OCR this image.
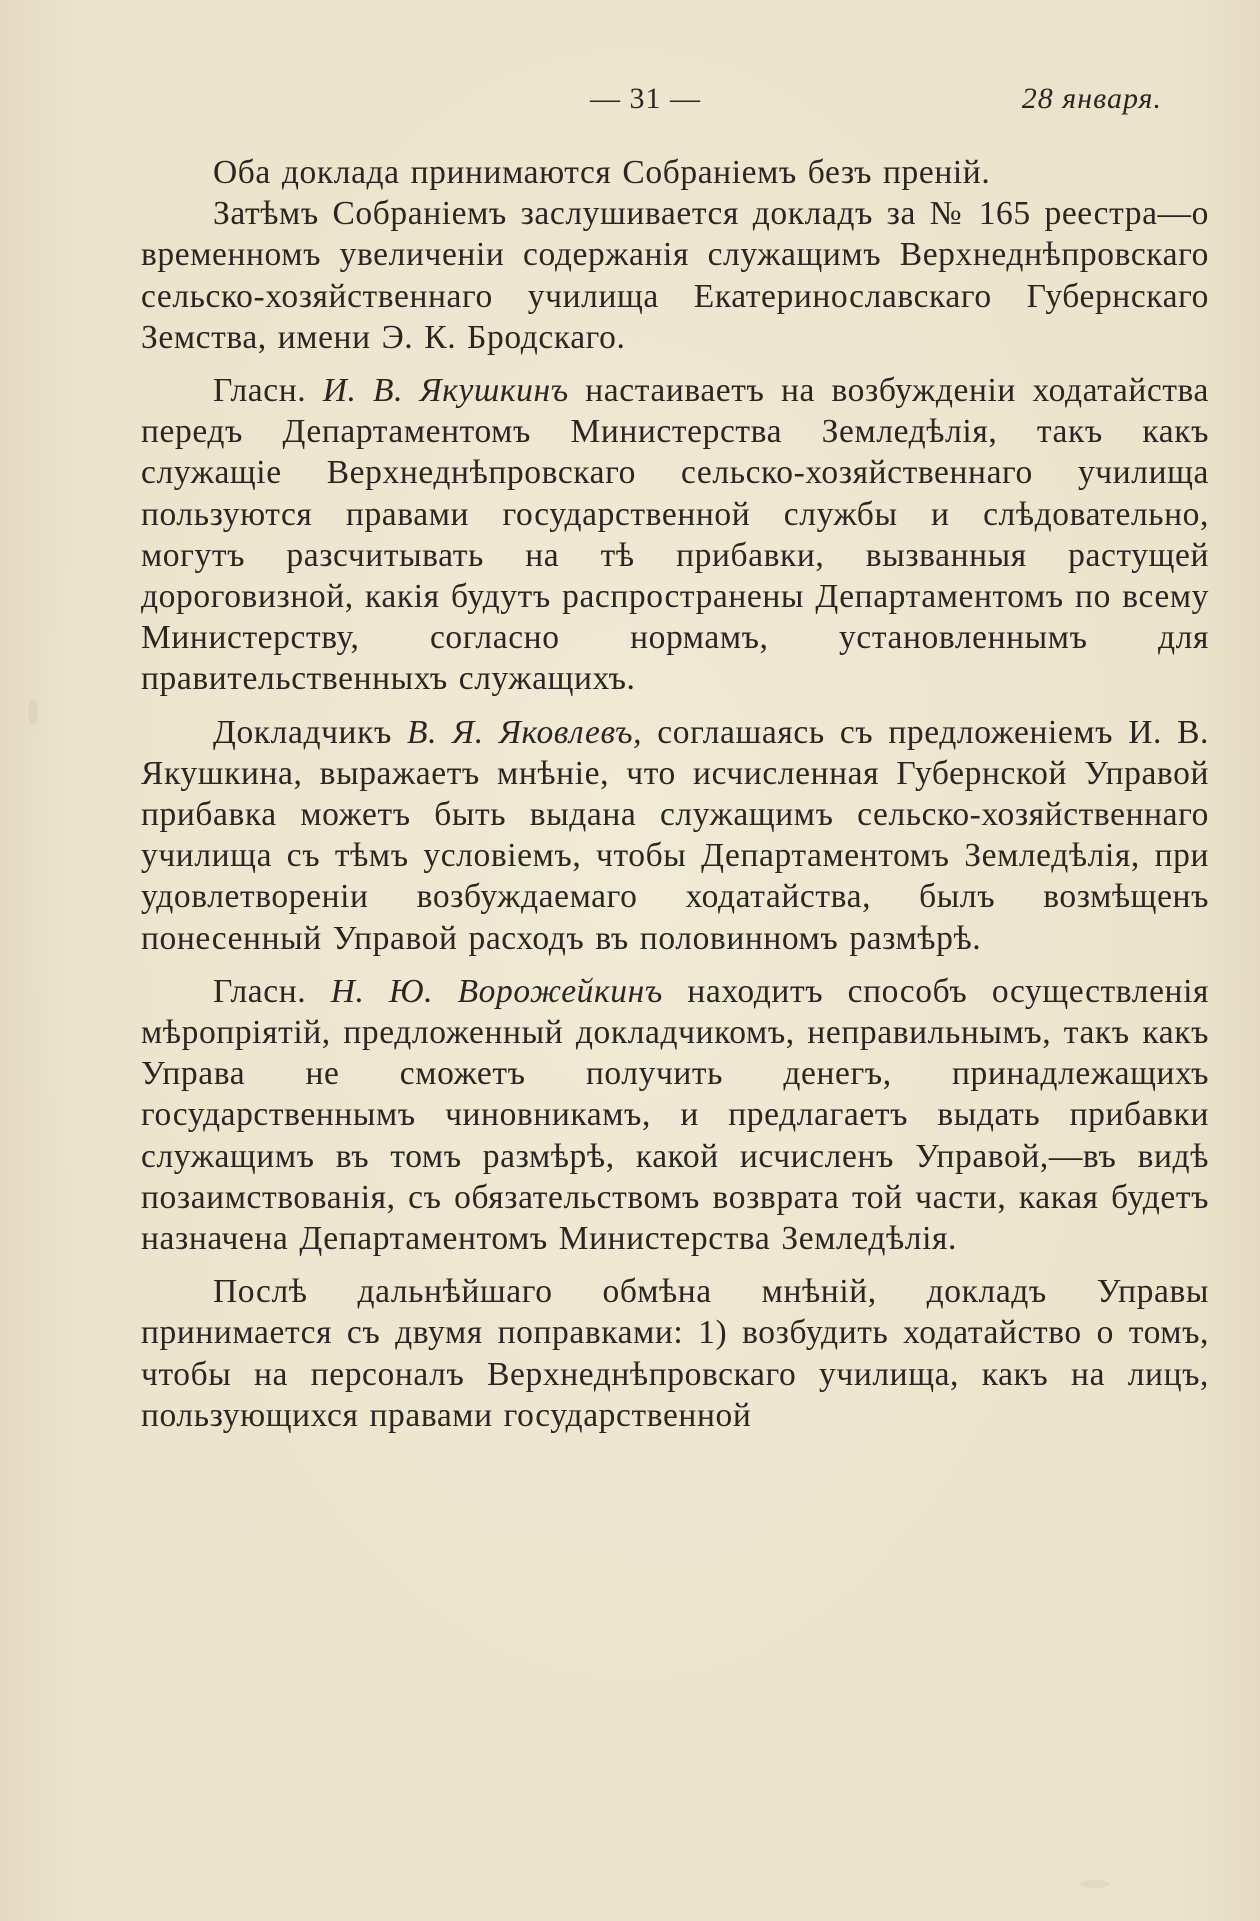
— 31 —	28 января.

Оба доклада принимаются Собраніемъ безъ преній.

Затѣмъ Собраніемъ заслушивается докладъ за № 165 реестра—о временномъ увеличеніи содержанія служащимъ Верхнеднѣпровскаго сельско-хозяйственнаго училища Екатеринославскаго Губернскаго Земства, имени Э. К. Бродскаго.

Гласн. И. В. Якушкинъ настаиваетъ на возбужденіи ходатайства передъ Департаментомъ Министерства Земледѣлія, такъ какъ служащіе Верхнеднѣпровскаго сельско-хозяйственнаго училища пользуются правами государственной службы и слѣдовательно, могутъ разсчитывать на тѣ прибавки, вызванныя растущей дороговизной, какія будутъ распространены Департаментомъ по всему Министерству, согласно нормамъ, установленнымъ для правительственныхъ служащихъ.

Докладчикъ В. Я. Яковлевъ, соглашаясь съ предложеніемъ И. В. Якушкина, выражаетъ мнѣніе, что исчисленная Губернской Управой прибавка можетъ быть выдана служащимъ сельско-хозяйственнаго училища съ тѣмъ условіемъ, чтобы Департаментомъ Земледѣлія, при удовлетвореніи возбуждаемаго ходатайства, былъ возмѣщенъ понесенный Управой расходъ въ половинномъ размѣрѣ.

Гласн. Н. Ю. Ворожейкинъ находитъ способъ осуществленія мѣропріятій, предложенный докладчикомъ, неправильнымъ, такъ какъ Управа не сможетъ получить денегъ, принадлежащихъ государственнымъ чиновникамъ, и предлагаетъ выдать прибавки служащимъ въ томъ размѣрѣ, какой исчисленъ Управой,—въ видѣ позаимствованія, съ обязательствомъ возврата той части, какая будетъ назначена Департаментомъ Министерства Земледѣлія.

Послѣ дальнѣйшаго обмѣна мнѣній, докладъ Управы принимается съ двумя поправками: 1) возбудить ходатайство о томъ, чтобы на персоналъ Верхнеднѣпровскаго училища, какъ на лицъ, пользующихся правами государственной
